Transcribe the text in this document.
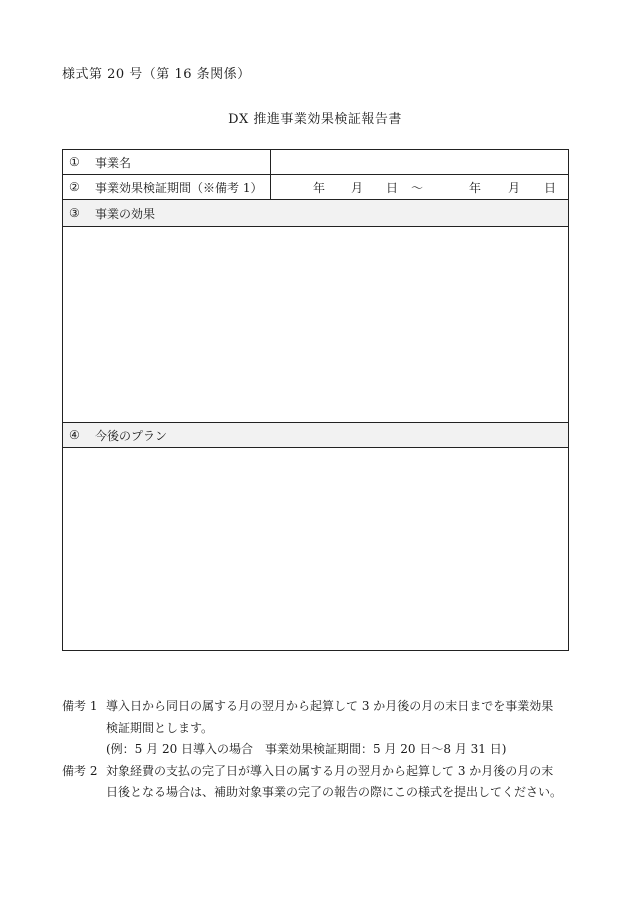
様式第 20 号（第 16 条関係）
DX 推進事業効果検証報告書
①	事業名
②	事業効果検証期間（※備考 1）	年 月 日 〜	年 月 日
③	事業の効果
④	今後のプラン
備考 1 導入日から同日の属する月の翌月から起算して 3 か月後の月の末日までを事業効果
検証期間とします。
(例：5 月 20 日導入の場合　事業効果検証期間：5 月 20 日〜8 月 31 日)
備考 2 対象経費の支払の完了日が導入日の属する月の翌月から起算して 3 か月後の月の末
日後となる場合は、補助対象事業の完了の報告の際にこの様式を提出してください。
